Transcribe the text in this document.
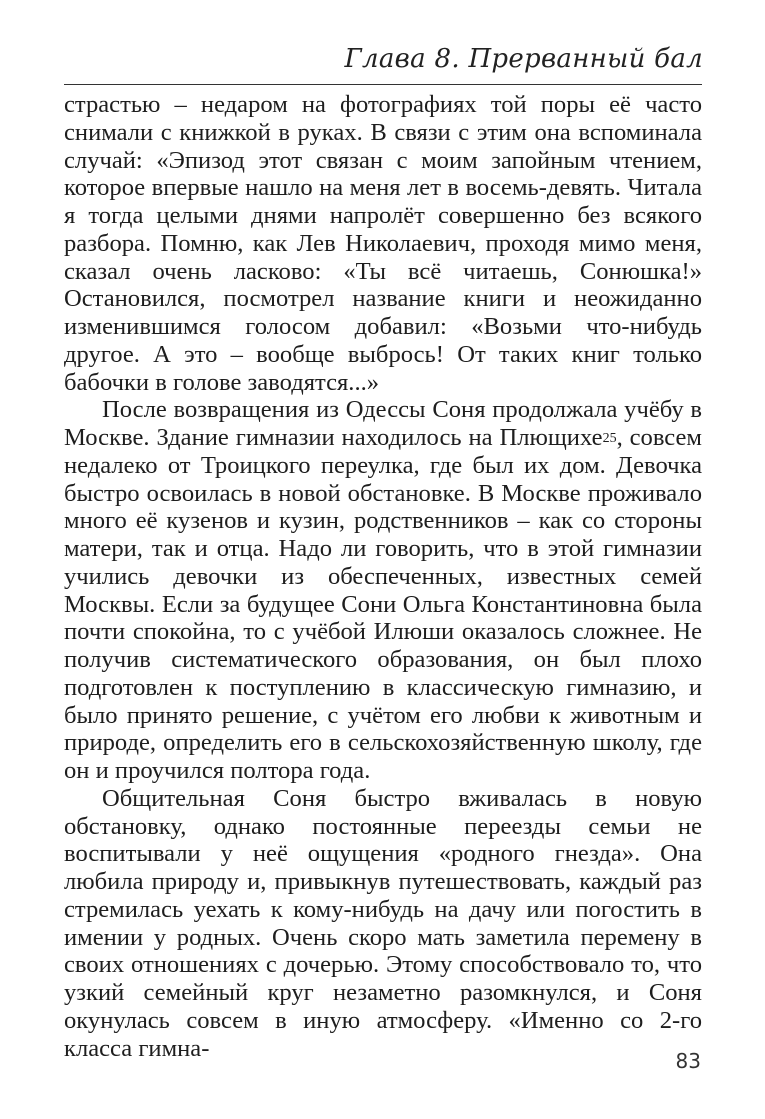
Глава 8. Прерванный бал

страстью – недаром на фотографиях той поры её часто снимали с книжкой в руках. В связи с этим она вспоминала случай: «Эпизод этот связан с моим запойным чтением, которое впервые нашло на меня лет в восемь-девять. Читала я тогда целыми днями напролёт совершенно без всякого разбора. Помню, как Лев Николаевич, проходя мимо меня, сказал очень ласково: «Ты всё читаешь, Сонюшка!» Остановился, посмотрел название книги и неожиданно изменившимся голосом добавил: «Возьми что-нибудь другое. А это – вообще выбрось! От таких книг только бабочки в голове заводятся...»

После возвращения из Одессы Соня продолжала учёбу в Москве. Здание гимназии находилось на Плющихе$^{25}$, совсем недалеко от Троицкого переулка, где был их дом. Девочка быстро освоилась в новой обстановке. В Москве проживало много её кузенов и кузин, родственников – как со стороны матери, так и отца. Надо ли говорить, что в этой гимназии учились девочки из обеспеченных, известных семей Москвы. Если за будущее Сони Ольга Константиновна была почти спокойна, то с учёбой Илюши оказалось сложнее. Не получив систематического образования, он был плохо подготовлен к поступлению в классическую гимназию, и было принято решение, с учётом его любви к животным и природе, определить его в сельскохозяйственную школу, где он и проучился полтора года.

Общительная Соня быстро вживалась в новую обстановку, однако постоянные переезды семьи не воспитывали у неё ощущения «родного гнезда». Она любила природу и, привыкнув путешествовать, каждый раз стремилась уехать к кому-нибудь на дачу или погостить в имении у родных. Очень скоро мать заметила перемену в своих отношениях с дочерью. Этому способствовало то, что узкий семейный круг незаметно разомкнулся, и Соня окунулась совсем в иную атмосферу. «Именно со 2-го класса гимна-	83
